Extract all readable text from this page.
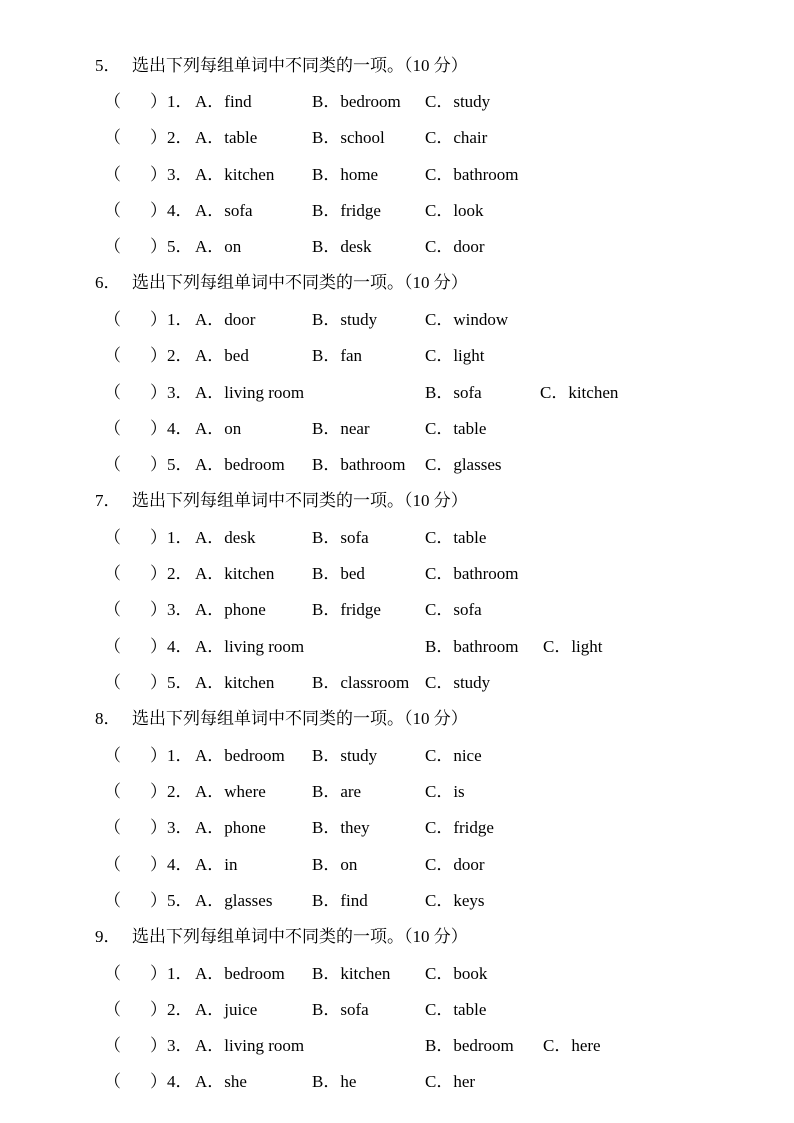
5． 选出下列每组单词中不同类的一项。（10 分）
（ ） 1． A．find	B．bedroom C．study
（ ） 2． A．table	B．school C．chair
（ ） 3． A．kitchen B．home	C．bathroom
（ ） 4． A．sofa	B．fridge	C．look
（ ） 5． A．on	B．desk	C．door
6． 选出下列每组单词中不同类的一项。（10 分）
（ ） 1． A．door	B．study	C．window
（ ） 2． A．bed	B．fan	C．light
（ ） 3． A．living room	B．sofa	C．kitchen
（ ） 4． A．on	B．near	C．table
（ ） 5． A．bedroom B．bathroom C．glasses
7． 选出下列每组单词中不同类的一项。（10 分）
（ ） 1． A．desk	B．sofa	C．table
（ ） 2． A．kitchen B．bed	C．bathroom
（ ） 3． A．phone	B．fridge	C．sofa
（ ） 4． A．living room	B．bathroom C．light
（ ） 5． A．kitchen B．classroom C．study
8． 选出下列每组单词中不同类的一项。（10 分）
（ ） 1． A．bedroom B．study	C．nice
（ ） 2． A．where	B．are	C．is
（ ） 3． A．phone	B．they	C．fridge
（ ） 4． A．in	B．on	C．door
（ ） 5． A．glasses B．find	C．keys
9． 选出下列每组单词中不同类的一项。（10 分）
（ ） 1． A．bedroom B．kitchen C．book
（ ） 2． A．juice	B．sofa	C．table
（ ） 3． A．living room	B．bedroom C．here
（ ） 4． A．she	B．he	C．her
